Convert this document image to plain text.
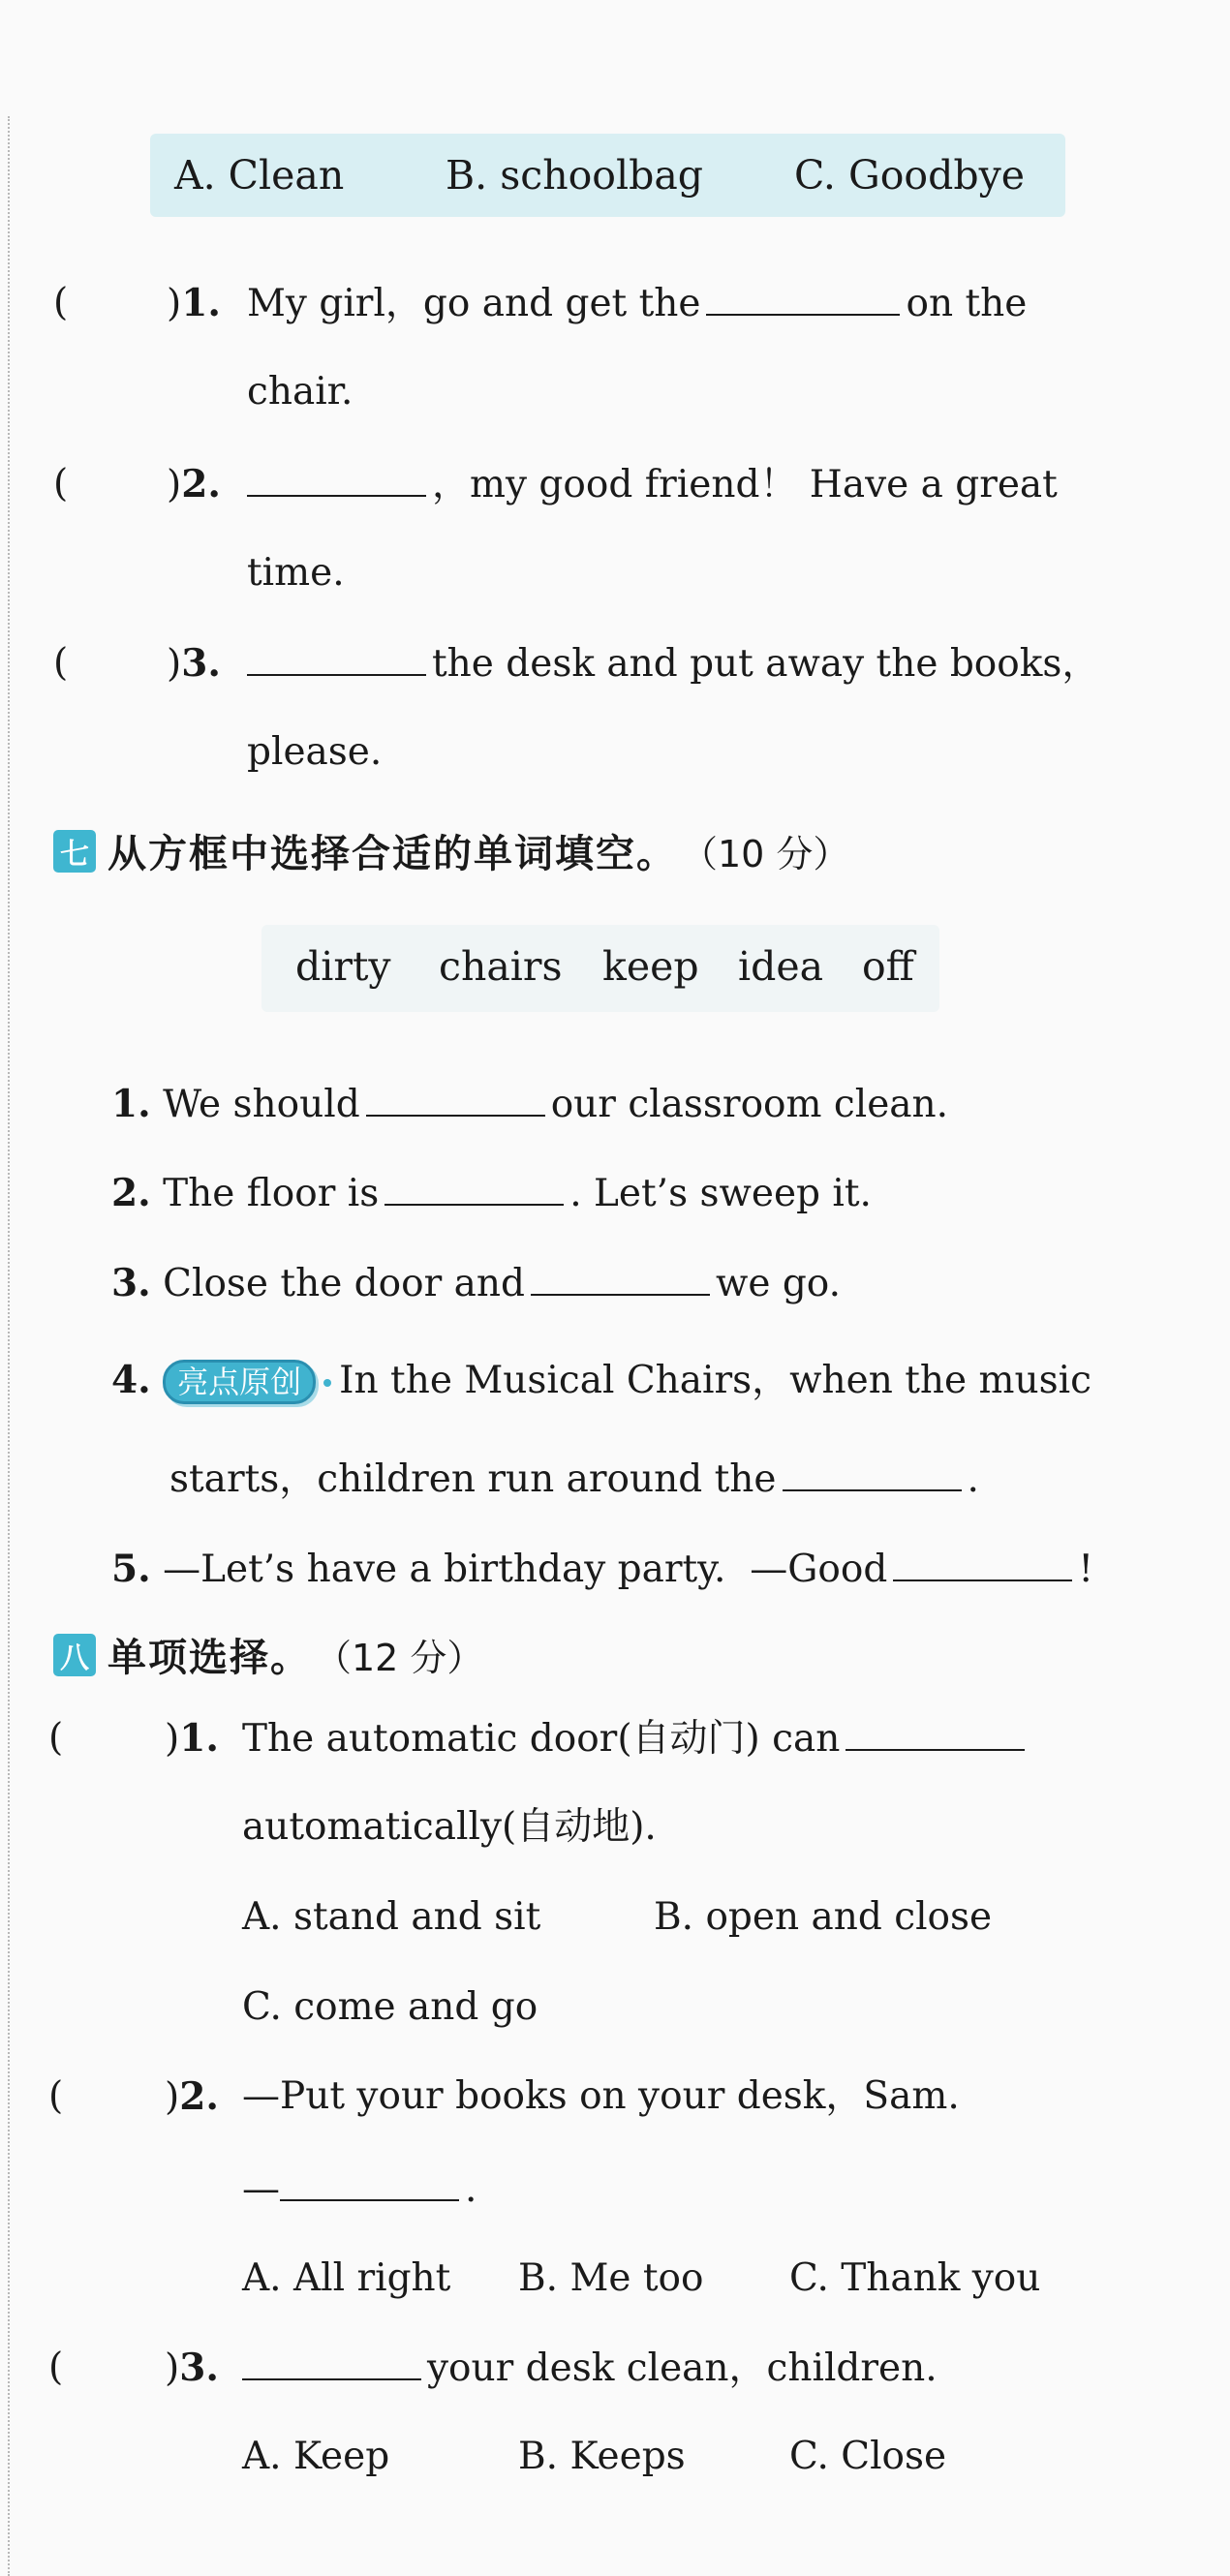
A. Clean	B. schoolbag C. Goodbye
(	)1. My girl，go and get the	on the
chair.
(	)2.	，my good friend！ Have a great
time.
(	)3.	the desk and put away the books，
please.
七 从方框中选择合适的单词填空。 （10 分）
dirty chairs keep idea off
1. We should	our classroom clean.
2. The floor is	. Let’s sweep it.
3. Close the door and	we go.
4. 亮点原创 In the Musical Chairs，when the music
starts，children run around the	.
5. —Let’s have a birthday party. —Good	!
八 单项选择。 （12 分）
(	)1. The automatic door(自动门) can
automatically(自动地).
A. stand and sit	B. open and close
C. come and go
(	)2. —Put your books on your desk，Sam.
—	.
A. All right B. Me too C. Thank you
(	)3.	your desk clean，children.
A. Keep	B. Keeps	C. Close
